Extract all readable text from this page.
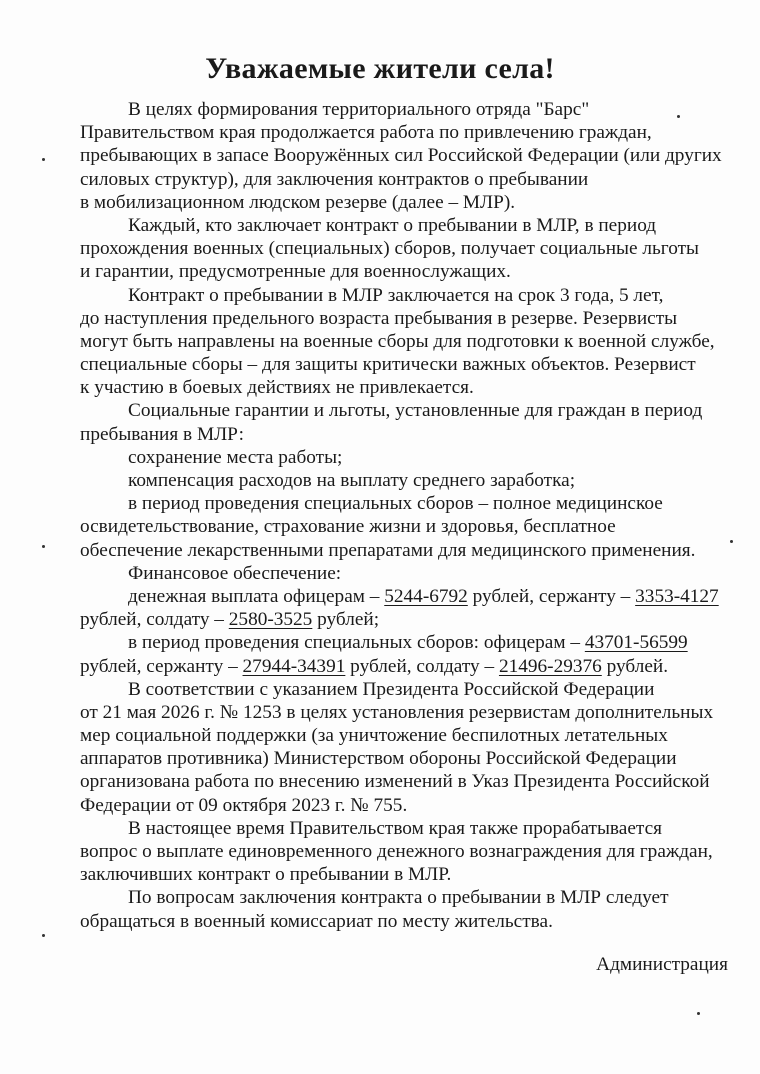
Уважаемые жители села!
В целях формирования территориального отряда "Барс"
Правительством края продолжается работа по привлечению граждан,
пребывающих в запасе Вооружённых сил Российской Федерации (или других
силовых структур), для заключения контрактов о пребывании
в мобилизационном людском резерве (далее – МЛР).
Каждый, кто заключает контракт о пребывании в МЛР, в период
прохождения военных (специальных) сборов, получает социальные льготы
и гарантии, предусмотренные для военнослужащих.
Контракт о пребывании в МЛР заключается на срок 3 года, 5 лет,
до наступления предельного возраста пребывания в резерве. Резервисты
могут быть направлены на военные сборы для подготовки к военной службе,
специальные сборы – для защиты критически важных объектов. Резервист
к участию в боевых действиях не привлекается.
Социальные гарантии и льготы, установленные для граждан в период
пребывания в МЛР:
сохранение места работы;
компенсация расходов на выплату среднего заработка;
в период проведения специальных сборов – полное медицинское
освидетельствование, страхование жизни и здоровья, бесплатное
обеспечение лекарственными препаратами для медицинского применения.
Финансовое обеспечение:
денежная выплата офицерам – 5244-6792 рублей, сержанту – 3353-4127
рублей, солдату – 2580-3525 рублей;
в период проведения специальных сборов: офицерам – 43701-56599
рублей, сержанту – 27944-34391 рублей, солдату – 21496-29376 рублей.
В соответствии с указанием Президента Российской Федерации
от 21 мая 2026 г. № 1253 в целях установления резервистам дополнительных
мер социальной поддержки (за уничтожение беспилотных летательных
аппаратов противника) Министерством обороны Российской Федерации
организована работа по внесению изменений в Указ Президента Российской
Федерации от 09 октября 2023 г. № 755.
В настоящее время Правительством края также прорабатывается
вопрос о выплате единовременного денежного вознаграждения для граждан,
заключивших контракт о пребывании в МЛР.
По вопросам заключения контракта о пребывании в МЛР следует
обращаться в военный комиссариат по месту жительства.
Администрация
